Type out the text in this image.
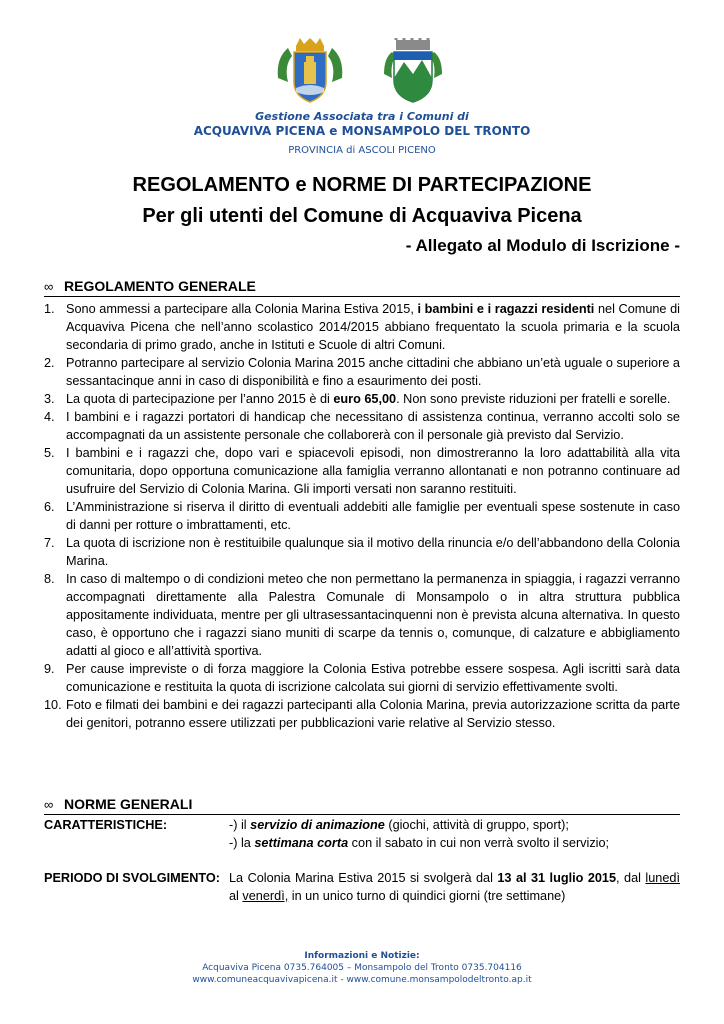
Gestione Associata tra i Comuni di
ACQUAVIVA PICENA e MONSAMPOLO DEL TRONTO
PROVINCIA di ASCOLI PICENO
REGOLAMENTO e NORME DI PARTECIPAZIONE
Per gli utenti del Comune di Acquaviva Picena
- Allegato al Modulo di Iscrizione -
∞ REGOLAMENTO GENERALE
1. Sono ammessi a partecipare alla Colonia Marina Estiva 2015, i bambini e i ragazzi residenti nel Comune di Acquaviva Picena che nell’anno scolastico 2014/2015 abbiano frequentato la scuola primaria e la scuola secondaria di primo grado, anche in Istituti e Scuole di altri Comuni.
2. Potranno partecipare al servizio Colonia Marina 2015 anche cittadini che abbiano un’età uguale o superiore a sessantacinque anni in caso di disponibilità e fino a esaurimento dei posti.
3. La quota di partecipazione per l’anno 2015 è di euro 65,00. Non sono previste riduzioni per fratelli e sorelle.
4. I bambini e i ragazzi portatori di handicap che necessitano di assistenza continua, verranno accolti solo se accompagnati da un assistente personale che collaborerà con il personale già previsto dal Servizio.
5. I bambini e i ragazzi che, dopo vari e spiacevoli episodi, non dimostreranno la loro adattabilità alla vita comunitaria, dopo opportuna comunicazione alla famiglia verranno allontanati e non potranno continuare ad usufruire del Servizio di Colonia Marina. Gli importi versati non saranno restituiti.
6. L’Amministrazione si riserva il diritto di eventuali addebiti alle famiglie per eventuali spese sostenute in caso di danni per rotture o imbrattamenti, etc.
7. La quota di iscrizione non è restituibile qualunque sia il motivo della rinuncia e/o dell’abbandono della Colonia Marina.
8. In caso di maltempo o di condizioni meteo che non permettano la permanenza in spiaggia, i ragazzi verranno accompagnati direttamente alla Palestra Comunale di Monsampolo o in altra struttura pubblica appositamente individuata, mentre per gli ultrasessantacinquenni non è prevista alcuna alternativa. In questo caso, è opportuno che i ragazzi siano muniti di scarpe da tennis o, comunque, di calzature e abbigliamento adatti al gioco e all’attività sportiva.
9. Per cause impreviste o di forza maggiore la Colonia Estiva potrebbe essere sospesa. Agli iscritti sarà data comunicazione e restituita la quota di iscrizione calcolata sui giorni di servizio effettivamente svolti.
10. Foto e filmati dei bambini e dei ragazzi partecipanti alla Colonia Marina, previa autorizzazione scritta da parte dei genitori, potranno essere utilizzati per pubblicazioni varie relative al Servizio stesso.
∞ NORME GENERALI
CARATTERISTICHE:	-) il servizio di animazione (giochi, attività di gruppo, sport);
-) la settimana corta con il sabato in cui non verrà svolto il servizio;
PERIODO DI SVOLGIMENTO: La Colonia Marina Estiva 2015 si svolgerà dal 13 al 31 luglio 2015, dal lunedì al venerdì, in un unico turno di quindici giorni (tre settimane)
Informazioni e Notizie:
Acquaviva Picena 0735.764005 – Monsampolo del Tronto 0735.704116
www.comuneacquavivapicena.it - www.comune.monsampolodeltronto.ap.it
